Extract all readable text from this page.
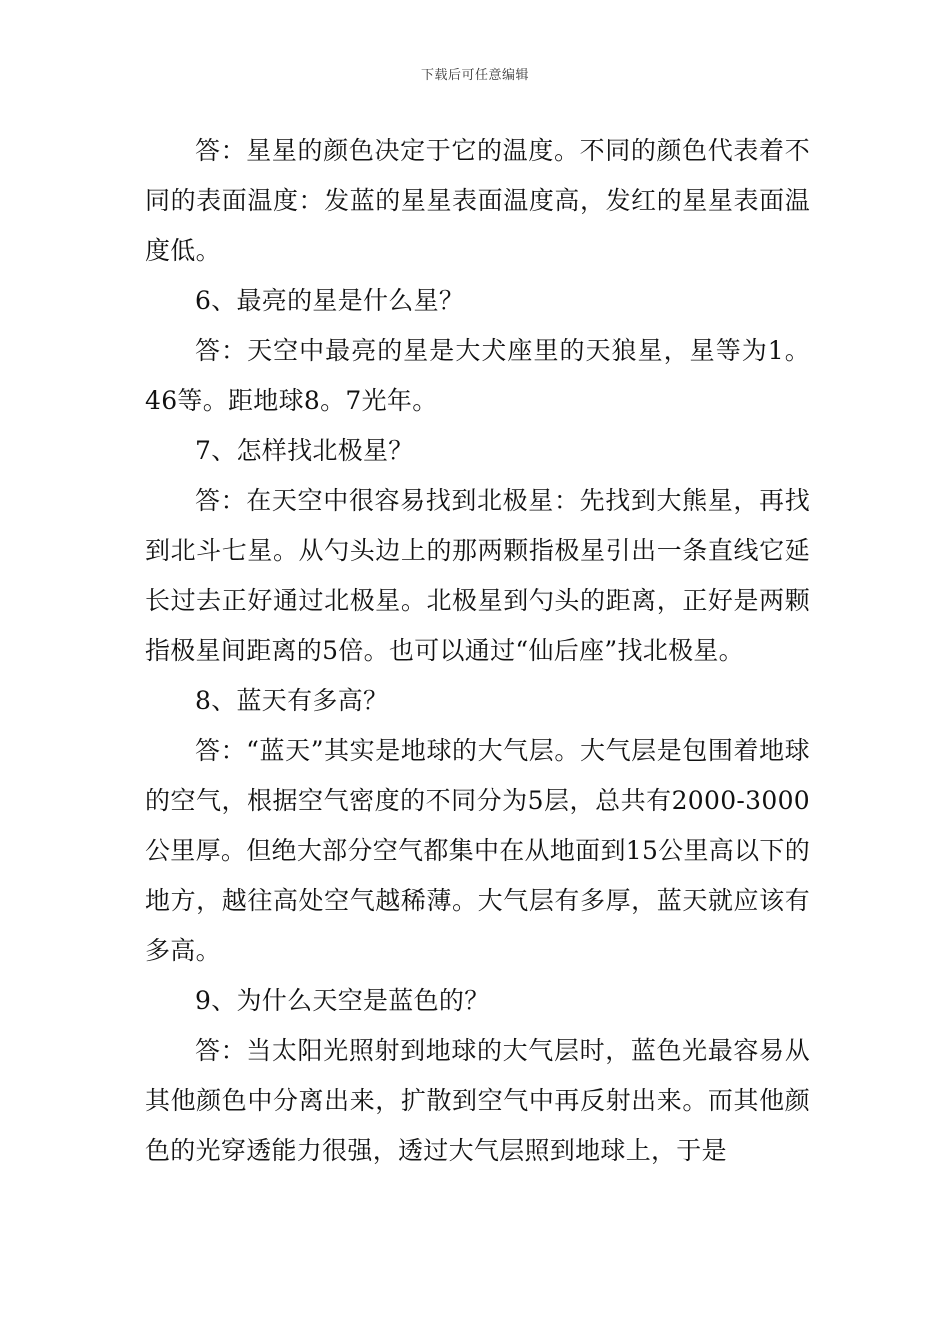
下载后可任意编辑

答：星星的颜色决定于它的温度。不同的颜色代表着不同的表面温度：发蓝的星星表面温度高，发红的星星表面温度低。

6、最亮的星是什么星？

答：天空中最亮的星是大犬座里的天狼星，星等为1。46等。距地球8。7光年。

7、怎样找北极星？

答：在天空中很容易找到北极星：先找到大熊星，再找到北斗七星。从勺头边上的那两颗指极星引出一条直线它延长过去正好通过北极星。北极星到勺头的距离，正好是两颗指极星间距离的5倍。也可以通过“仙后座”找北极星。

8、蓝天有多高？

答：“蓝天”其实是地球的大气层。大气层是包围着地球的空气，根据空气密度的不同分为5层，总共有2000-3000公里厚。但绝大部分空气都集中在从地面到15公里高以下的地方，越往高处空气越稀薄。大气层有多厚，蓝天就应该有多高。

9、为什么天空是蓝色的？

答：当太阳光照射到地球的大气层时，蓝色光最容易从其他颜色中分离出来，扩散到空气中再反射出来。而其他颜色的光穿透能力很强，透过大气层照到地球上，于是
